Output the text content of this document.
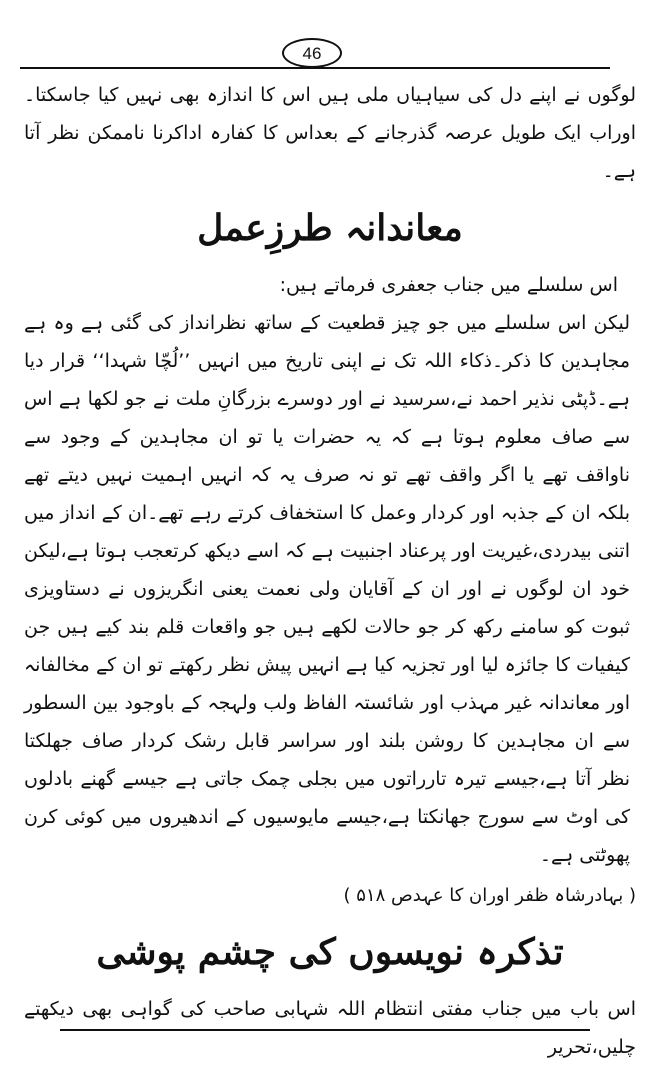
46

لوگوں نے اپنے دل کی سیاہیاں ملی ہیں اس کا اندازہ بھی نہیں کیا جاسکتا۔اوراب ایک طویل عرصہ گذرجانے کے بعداس کا کفارہ اداکرنا ناممکن نظر آتا ہے۔

معاندانہ طرزِعمل

اس سلسلے میں جناب جعفری فرماتے ہیں:

لیکن اس سلسلے میں جو چیز قطعیت کے ساتھ نظرانداز کی گئی ہے وہ ہے مجاہدین کا ذکر۔ذکاء اللہ تک نے اپنی تاریخ میں انہیں ’’لُچّا شہدا‘‘ قرار دیا ہے۔ڈپٹی نذیر احمد نے،سرسید نے اور دوسرے بزرگانِ ملت نے جو لکھا ہے اس سے صاف معلوم ہوتا ہے کہ یہ حضرات یا تو ان مجاہدین کے وجود سے ناواقف تھے یا اگر واقف تھے تو نہ صرف یہ کہ انہیں اہمیت نہیں دیتے تھے بلکہ ان کے جذبہ اور کردار وعمل کا استخفاف کرتے رہے تھے۔ان کے انداز میں اتنی بیدردی،غیریت اور پرعناد اجنبیت ہے کہ اسے دیکھ کرتعجب ہوتا ہے،لیکن خود ان لوگوں نے اور ان کے آقایان ولی نعمت یعنی انگریزوں نے دستاویزی ثبوت کو سامنے رکھ کر جو حالات لکھے ہیں جو واقعات قلم بند کیے ہیں جن کیفیات کا جائزہ لیا اور تجزیہ کیا ہے انہیں پیش نظر رکھتے تو ان کے مخالفانہ اور معاندانہ غیر مہذب اور شائستہ الفاظ ولب ولہجہ کے باوجود بین السطور سے ان مجاہدین کا روشن بلند اور سراسر قابل رشک کردار صاف جھلکتا نظر آتا ہے،جیسے تیرہ تارراتوں میں بجلی چمک جاتی ہے جیسے گھنے بادلوں کی اوٹ سے سورج جھانکتا ہے،جیسے مایوسیوں کے اندھیروں میں کوئی کرن پھوٹتی ہے۔

( بہادرشاہ ظفر اوران کا عہدص ۵۱۸ )

تذکرہ نویسوں کی چشم پوشی

اس باب میں جناب مفتی انتظام اللہ شہابی صاحب کی گواہی بھی دیکھتے چلیں،تحریر
